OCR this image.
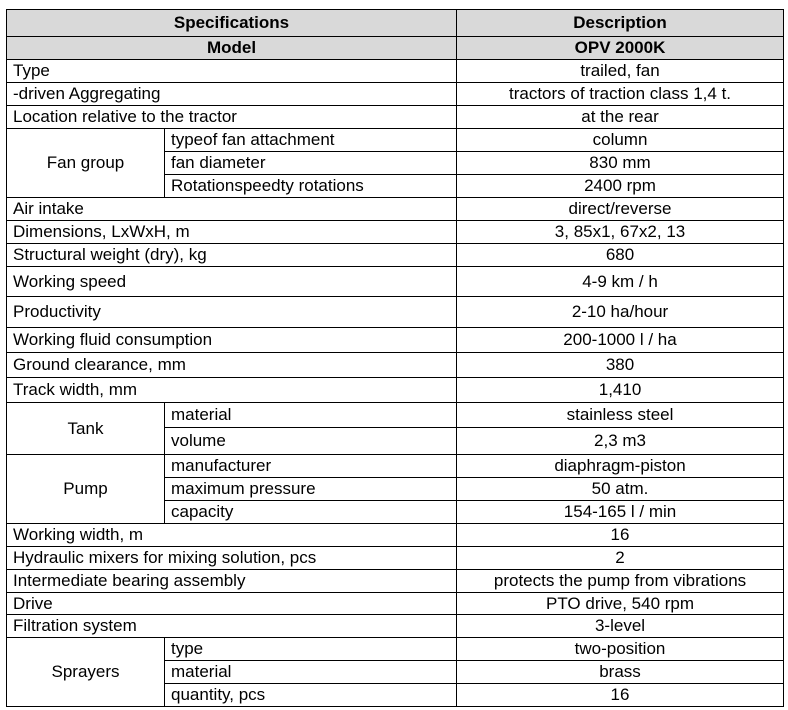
Specifications		Description
Model		OPV 2000K
Type		trailed, fan
-driven Aggregating		tractors of traction class 1,4 t.
Location relative to the tractor		at the rear
Fan group	typeof fan attachment	column
	fan diameter	830 mm
	Rotationspeedty rotations	2400 rpm
Air intake		direct/reverse
Dimensions, LxWxH, m		3, 85x1, 67x2, 13
Structural weight (dry), kg		680
Working speed		4-9 km / h
Productivity		2-10 ha/hour
Working fluid consumption		200-1000 l / ha
Ground clearance, mm		380
Track width, mm		1,410
Tank	material	stainless steel
	volume	2,3 m3
Pump	manufacturer	diaphragm-piston
	maximum pressure	50 atm.
	capacity	154-165 l / min
Working width, m		16
Hydraulic mixers for mixing solution, pcs		2
Intermediate bearing assembly		protects the pump from vibrations
Drive		PTO drive, 540 rpm
Filtration system		3-level
Sprayers	type	two-position
	material	brass
	quantity, pcs	16
